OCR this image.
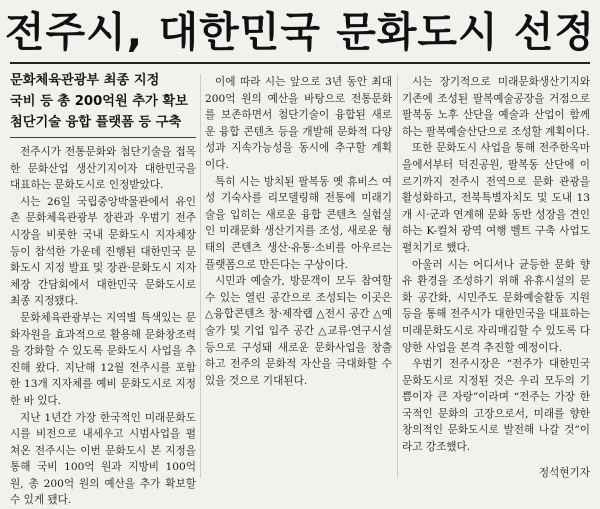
전주시, 대한민국 문화도시 선정
문화체육관광부 최종 지정
국비 등 총 200억원 추가 확보
첨단기술 융합 플랫폼 등 구축

전주시가 전통문화와 첨단기술을 접목한 문화산업 생산기지이자 대한민국을 대표하는 문화도시로 인정받았다.

시는 26일 국립중앙박물관에서 유인촌 문화체육관광부 장관과 우범기 전주시장을 비롯한 국내 문화도시 지자체장 등이 참석한 가운데 진행된 대한민국 문화도시 지정 발표 및 장관·문화도시 지자체장 간담회에서 대한민국 문화도시로 최종 지정됐다.

문화체육관광부는 지역별 특색있는 문화자원을 효과적으로 활용해 문화창조력을 강화할 수 있도록 문화도시 사업을 추진해 왔다. 지난해 12월 전주시를 포함한 13개 지자체를 예비 문화도시로 지정한 바 있다.

지난 1년간 가장 한국적인 미래문화도시를 비전으로 내세우고 시범사업을 펼쳐온 전주시는 이번 문화도시 본 지정을 통해 국비 100억 원과 지방비 100억 원, 총 200억 원의 예산을 추가 확보할 수 있게 됐다.

이에 따라 시는 앞으로 3년 동안 최대 200억 원의 예산을 바탕으로 전통문화를 보존하면서 첨단기술이 융합된 새로운 융합 콘텐츠 등을 개발해 문화적 다양성과 지속가능성을 동시에 추구할 계획이다.

특히 시는 방치된 팔복동 옛 휴비스 여성 기숙사를 리모델링해 전통에 미래기술을 입히는 새로운 융합 콘텐츠 실험실인 미래문화 생산기지를 조성, 새로운 형태의 콘텐츠 생산·유통·소비를 아우르는 플랫폼으로 만든다는 구상이다.

시민과 예술가, 방문객이 모두 참여할 수 있는 열린 공간으로 조성되는 이곳은 △융합콘텐츠 창·제작랩 △전시 공간 △예술가 및 기업 입주 공간 △교류·연구시설 등으로 구성돼 새로운 문화사업을 창출하고 전주의 문화적 자산을 극대화할 수 있을 것으로 기대된다.

시는 장기적으로 미래문화생산기지와 기존에 조성된 팔복예술공장을 거점으로 팔복동 노후 산단을 예술과 산업이 함께하는 팔복예술산단으로 조성할 계획이다.

또한 문화도시 사업을 통해 전주한옥마을에서부터 덕진공원, 팔복동 산단에 이르기까지 전주시 전역으로 문화 관광을 활성화하고, 전북특별자치도 및 도내 13개 시·군과 연계해 문화 동반 성장을 견인하는 K-컬처 광역 여행 벨트 구축 사업도 펼치기로 했다.

아울러 시는 어디서나 균등한 문화 향유 환경을 조성하기 위해 유휴시설의 문화 공간화, 시민주도 문화예술활동 지원 등을 통해 전주시가 대한민국을 대표하는 미래문화도시로 자리매김할 수 있도록 다양한 사업을 본격 추진할 예정이다.

우범기 전주시장은 “전주가 대한민국 문화도시로 지정된 것은 우리 모두의 기쁨이자 큰 자랑”이라며 “전주는 가장 한국적인 문화의 고장으로서, 미래를 향한 창의적인 문화도시로 발전해 나갈 것”이라고 강조했다.

정석현기자
